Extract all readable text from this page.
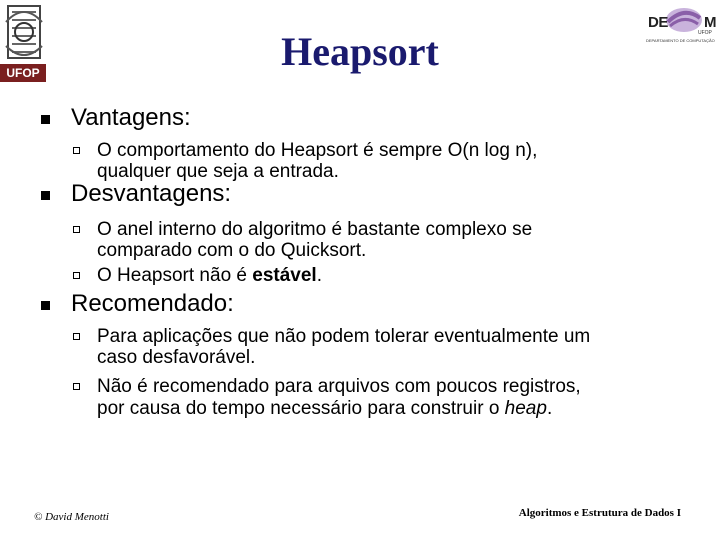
UFOP
DE M
UFOP
DEPARTAMENTO DE COMPUTAÇÃO
Heapsort
Vantagens:
O comportamento do Heapsort é sempre O(n log n),
qualquer que seja a entrada.
Desvantagens:
O anel interno do algoritmo é bastante complexo se
comparado com o do Quicksort.
O Heapsort não é estável.
Recomendado:
Para aplicações que não podem tolerar eventualmente um
caso desfavorável.
Não é recomendado para arquivos com poucos registros,
por causa do tempo necessário para construir o heap.
© David Menotti	Algoritmos e Estrutura de Dados I
